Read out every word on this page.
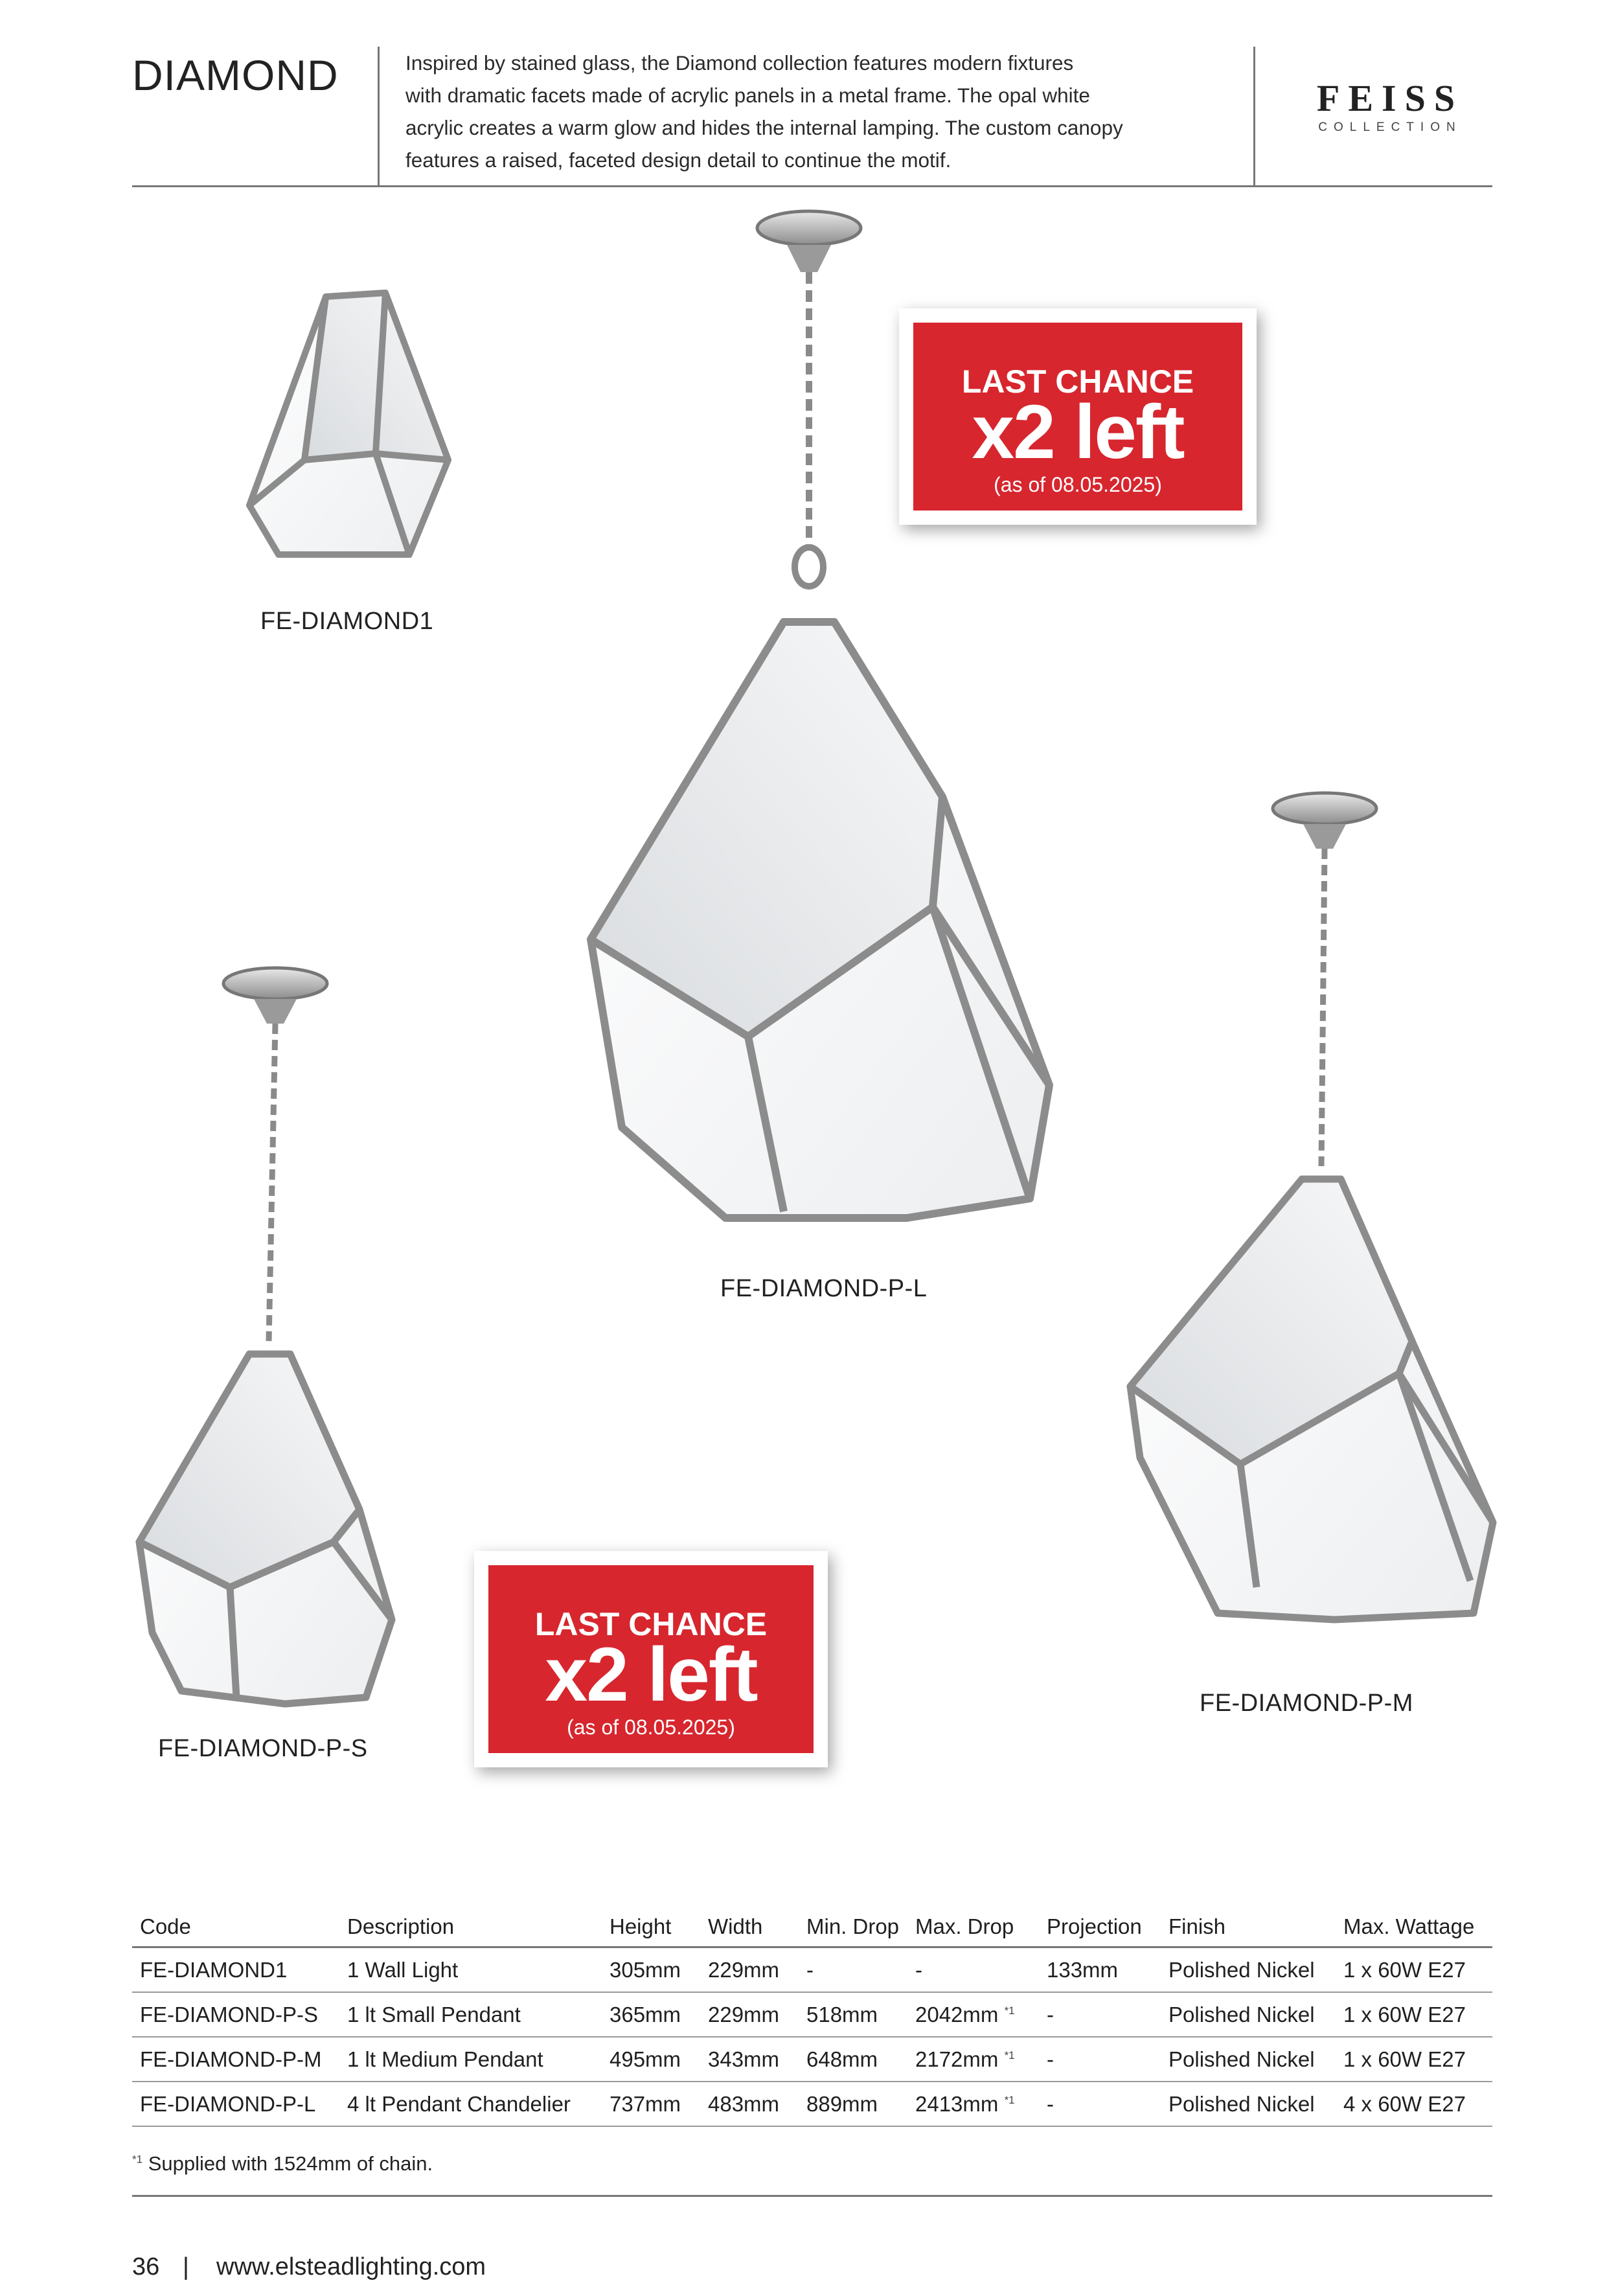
DIAMOND	Inspired by stained glass, the Diamond collection features modern fixtures
with dramatic facets made of acrylic panels in a metal frame. The opal white
acrylic creates a warm glow and hides the internal lamping. The custom canopy
features a raised, faceted design detail to continue the motif.
FEISS
COLLECTION
FE-DIAMOND1
FE-DIAMOND-P-L
FE-DIAMOND-P-M
FE-DIAMOND-P-S
LAST CHANCE
x2 left
(as of 08.05.2025)
LAST CHANCE
x2 left
(as of 08.05.2025)
Code	Description	Height	Width	Min. Drop	Max. Drop	Projection	Finish	Max. Wattage
FE-DIAMOND1	1 Wall Light	305mm	229mm	-	-	133mm	Polished Nickel	1 x 60W E27
FE-DIAMOND-P-S	1 lt Small Pendant	365mm	229mm	518mm	2042mm $^{*1}$	-	Polished Nickel	1 x 60W E27
FE-DIAMOND-P-M	1 lt Medium Pendant	495mm	343mm	648mm	2172mm $^{*1}$	-	Polished Nickel	1 x 60W E27
FE-DIAMOND-P-L	4 lt Pendant Chandelier	737mm	483mm	889mm	2413mm $^{*1}$	-	Polished Nickel	4 x 60W E27
$^{*1}$ Supplied with 1524mm of chain.
36 | www.elsteadlighting.com
